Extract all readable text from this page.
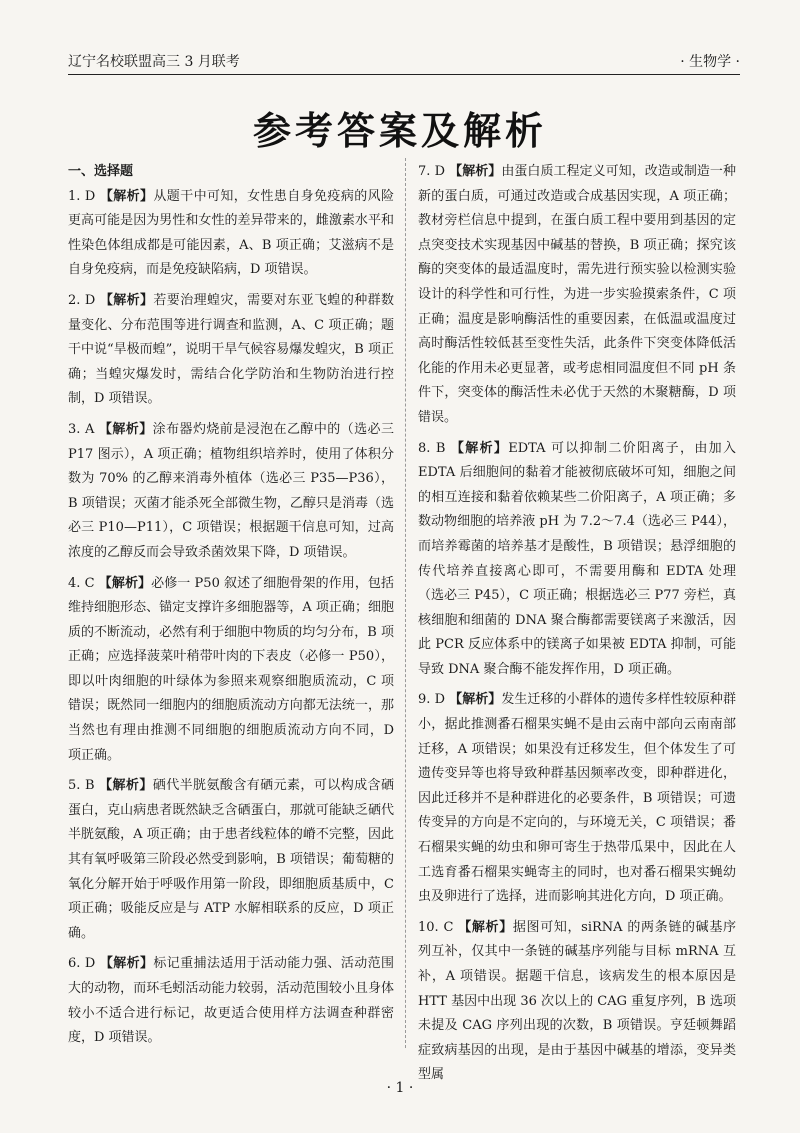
辽宁名校联盟高三 3 月联考	· 生物学 ·
参考答案及解析
一、选择题
1. D 【解析】从题干中可知，女性患自身免疫病的风险更高可能是因为男性和女性的差异带来的，雌激素水平和性染色体组成都是可能因素，A、B 项正确；艾滋病不是自身免疫病，而是免疫缺陷病，D 项错误。
2. D 【解析】若要治理蝗灾，需要对东亚飞蝗的种群数量变化、分布范围等进行调查和监测，A、C 项正确；题干中说“旱极而蝗”，说明干旱气候容易爆发蝗灾，B 项正确；当蝗灾爆发时，需结合化学防治和生物防治进行控制，D 项错误。
3. A 【解析】涂布器灼烧前是浸泡在乙醇中的（选必三P17 图示），A 项正确；植物组织培养时，使用了体积分数为 70% 的乙醇来消毒外植体（选必三 P35—P36），B 项错误；灭菌才能杀死全部微生物，乙醇只是消毒（选必三 P10—P11），C 项错误；根据题干信息可知，过高浓度的乙醇反而会导致杀菌效果下降，D 项错误。
4. C 【解析】必修一 P50 叙述了细胞骨架的作用，包括维持细胞形态、锚定支撑许多细胞器等，A 项正确；细胞质的不断流动，必然有利于细胞中物质的均匀分布，B 项正确；应选择菠菜叶稍带叶肉的下表皮（必修一 P50），即以叶肉细胞的叶绿体为参照来观察细胞质流动，C 项错误；既然同一细胞内的细胞质流动方向都无法统一，那当然也有理由推测不同细胞的细胞质流动方向不同，D 项正确。
5. B 【解析】硒代半胱氨酸含有硒元素，可以构成含硒蛋白，克山病患者既然缺乏含硒蛋白，那就可能缺乏硒代半胱氨酸，A 项正确；由于患者线粒体的嵴不完整，因此其有氧呼吸第三阶段必然受到影响，B 项错误；葡萄糖的氧化分解开始于呼吸作用第一阶段，即细胞质基质中，C 项正确；吸能反应是与 ATP 水解相联系的反应，D 项正确。
6. D 【解析】标记重捕法适用于活动能力强、活动范围大的动物，而环毛蚓活动能力较弱，活动范围较小且身体较小不适合进行标记，故更适合使用样方法调查种群密度，D 项错误。
7. D 【解析】由蛋白质工程定义可知，改造或制造一种新的蛋白质，可通过改造或合成基因实现，A 项正确；教材旁栏信息中提到，在蛋白质工程中要用到基因的定点突变技术实现基因中碱基的替换，B 项正确；探究该酶的突变体的最适温度时，需先进行预实验以检测实验设计的科学性和可行性，为进一步实验摸索条件，C 项正确；温度是影响酶活性的重要因素，在低温或温度过高时酶活性较低甚至变性失活，此条件下突变体降低活化能的作用未必更显著，或考虑相同温度但不同 pH 条件下，突变体的酶活性未必优于天然的木聚糖酶，D 项错误。
8. B 【解析】EDTA 可以抑制二价阳离子，由加入 EDTA 后细胞间的黏着才能被彻底破坏可知，细胞之间的相互连接和黏着依赖某些二价阳离子，A 项正确；多数动物细胞的培养液 pH 为 7.2～7.4（选必三 P44），而培养霉菌的培养基才是酸性，B 项错误；悬浮细胞的传代培养直接离心即可，不需要用酶和 EDTA 处理（选必三 P45），C 项正确；根据选必三 P77 旁栏，真核细胞和细菌的 DNA 聚合酶都需要镁离子来激活，因此 PCR 反应体系中的镁离子如果被 EDTA 抑制，可能导致 DNA 聚合酶不能发挥作用，D 项正确。
9. D 【解析】发生迁移的小群体的遗传多样性较原种群小，据此推测番石榴果实蝇不是由云南中部向云南南部迁移，A 项错误；如果没有迁移发生，但个体发生了可遗传变异等也将导致种群基因频率改变，即种群进化，因此迁移并不是种群进化的必要条件，B 项错误；可遗传变异的方向是不定向的，与环境无关，C 项错误；番石榴果实蝇的幼虫和卵可寄生于热带瓜果中，因此在人工选育番石榴果实蝇寄主的同时，也对番石榴果实蝇幼虫及卵进行了选择，进而影响其进化方向，D 项正确。
10. C 【解析】据图可知，siRNA 的两条链的碱基序列互补，仅其中一条链的碱基序列能与目标 mRNA 互补，A 项错误。据题干信息，该病发生的根本原因是 HTT 基因中出现 36 次以上的 CAG 重复序列，B 选项未提及 CAG 序列出现的次数，B 项错误。亨廷顿舞蹈症致病基因的出现，是由于基因中碱基的增添，变异类型属
· 1 ·
